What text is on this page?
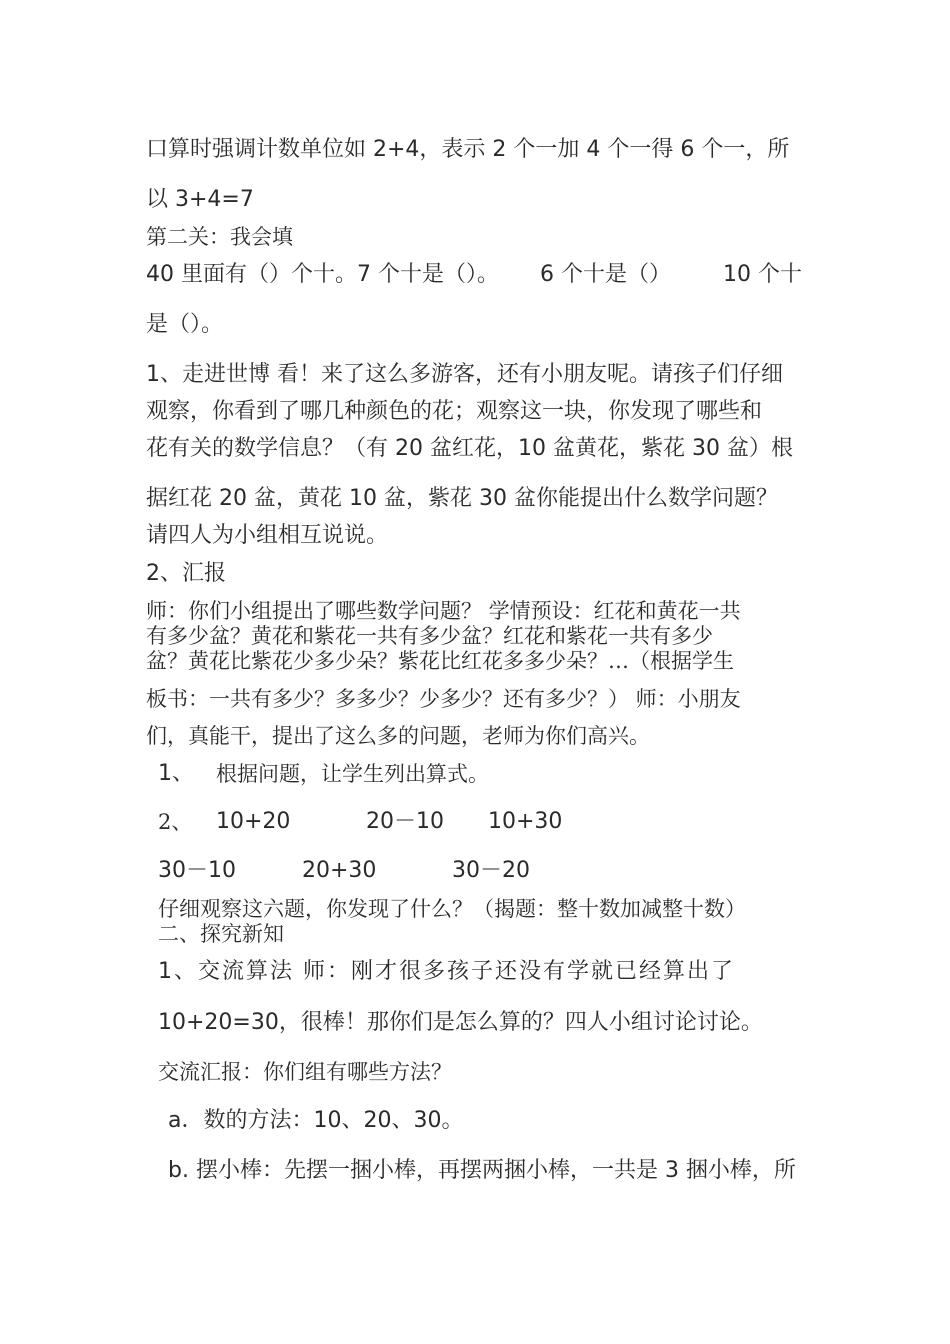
口算时强调计数单位如 2+4，表示 2 个一加 4 个一得 6 个一，所
以 3+4=7
第二关：我会填
40 里面有（）个十。7 个十是（）。 6 个十是（） 10 个十
是（）。
1、走进世博 看！来了这么多游客，还有小朋友呢。请孩子们仔细
观察，你看到了哪几种颜色的花；观察这一块，你发现了哪些和
花有关的数学信息？（有 20 盆红花，10 盆黄花，紫花 30 盆）根
据红花 20 盆，黄花 10 盆，紫花 30 盆你能提出什么数学问题？
请四人为小组相互说说。
2、汇报
师：你们小组提出了哪些数学问题？ 学情预设：红花和黄花一共
有多少盆？黄花和紫花一共有多少盆？红花和紫花一共有多少
盆？黄花比紫花少多少朵？紫花比红花多多少朵？…（根据学生
板书：一共有多少？多多少？少多少？还有多少？） 师：小朋友
们，真能干，提出了这么多的问题，老师为你们高兴。
1、 根据问题，让学生列出算式。
2、 10+20	20－10 10+30
30－10	20+30	30－20
仔细观察这六题，你发现了什么？（揭题：整十数加减整十数）
二、探究新知
1、交流算法 师：刚才很多孩子还没有学就已经算出了
10+20=30，很棒！那你们是怎么算的？四人小组讨论讨论。
交流汇报：你们组有哪些方法？
a．数的方法：10、20、30。
b. 摆小棒：先摆一捆小棒，再摆两捆小棒，一共是 3 捆小棒，所
